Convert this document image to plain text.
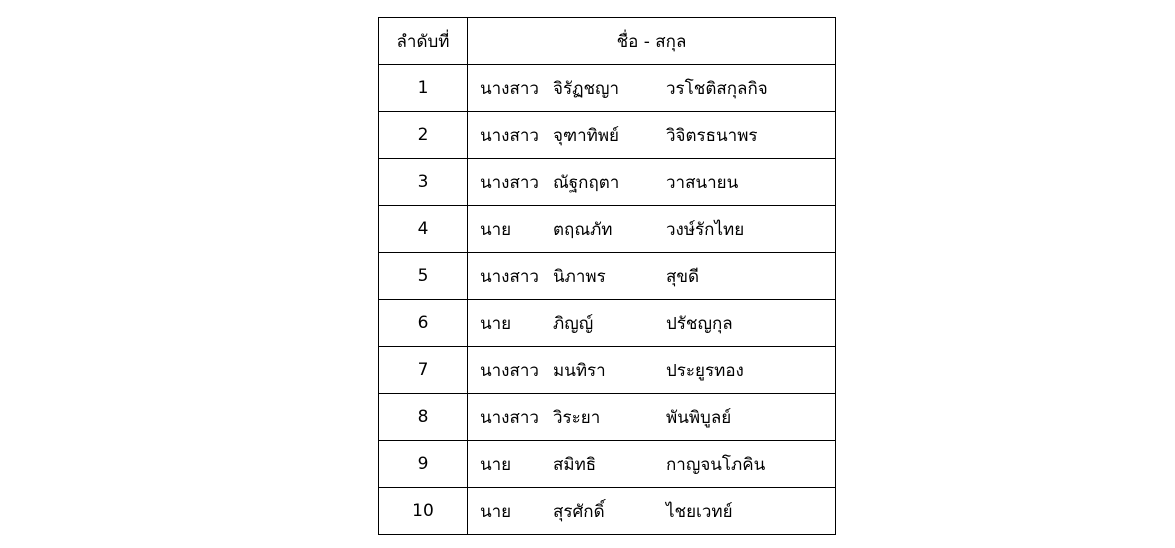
ลำดับที่	ชื่อ - สกุล
1	นางสาว จิรัฏชญา วรโชติสกุลกิจ

2	นางสาว จุฑาทิพย์ วิจิตรธนาพร

3	นางสาว ณัฐกฤตา วาสนายน

4	นาย ตฤณภัท วงษ์รักไทย

5	นางสาว นิภาพร สุขดี

6	นาย ภิญญ์ ปรัชญกุล

7	นางสาว มนทิรา ประยูรทอง

8	นางสาว วิระยา พันพิบูลย์

9	นาย สมิทธิ กาญจนโภคิน

10	นาย สุรศักดิ์ ไชยเวทย์
